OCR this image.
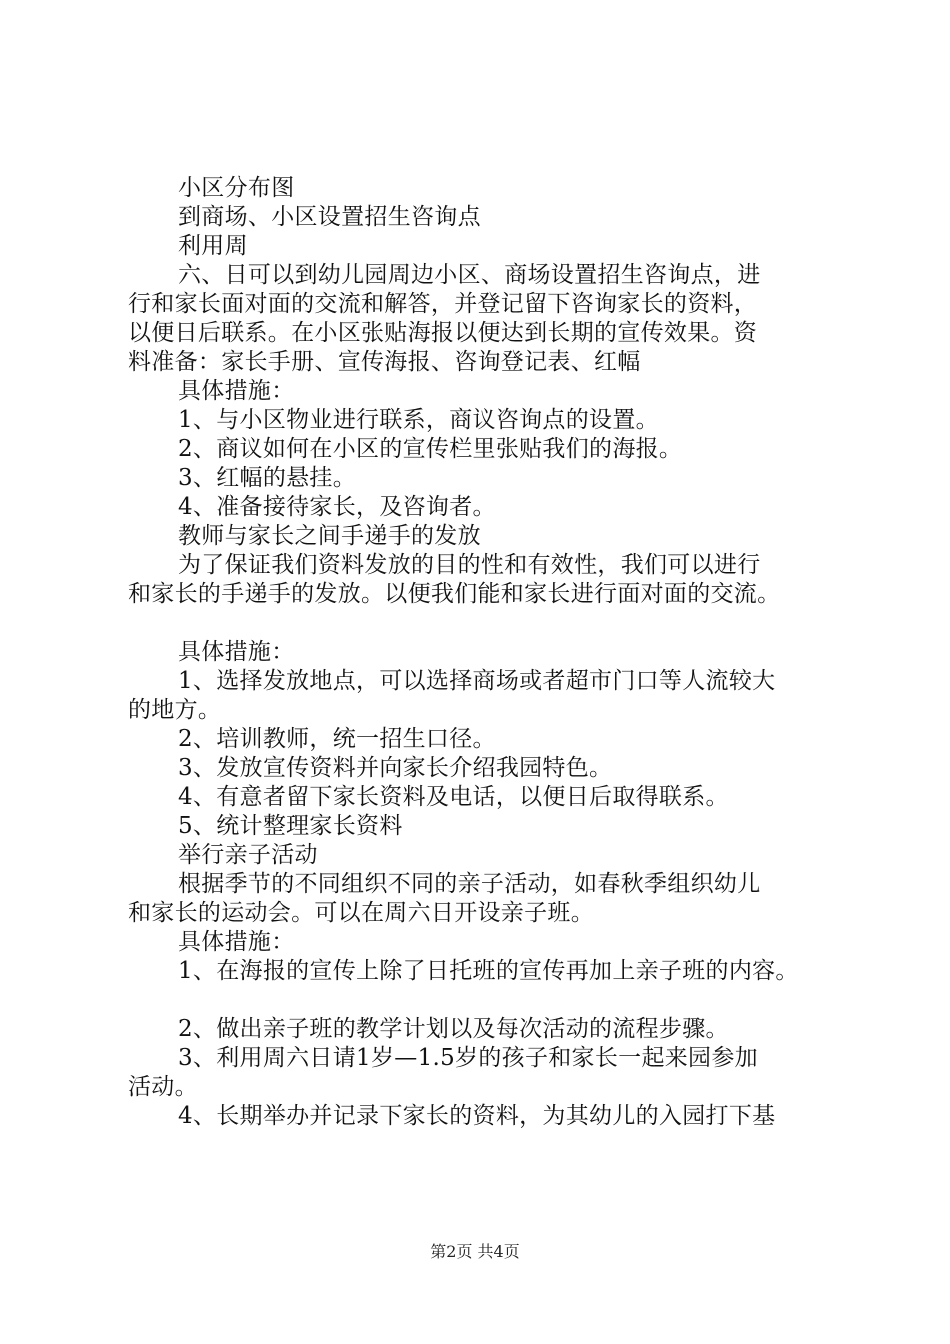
小区分布图
到商场、小区设置招生咨询点
利用周
六、日可以到幼儿园周边小区、商场设置招生咨询点，进
行和家长面对面的交流和解答，并登记留下咨询家长的资料，
以便日后联系。在小区张贴海报以便达到长期的宣传效果。资
料准备：家长手册、宣传海报、咨询登记表、红幅
具体措施：
1、与小区物业进行联系，商议咨询点的设置。
2、商议如何在小区的宣传栏里张贴我们的海报。
3、红幅的悬挂。
4、准备接待家长，及咨询者。
教师与家长之间手递手的发放
为了保证我们资料发放的目的性和有效性，我们可以进行
和家长的手递手的发放。以便我们能和家长进行面对面的交流。
具体措施：
1、选择发放地点，可以选择商场或者超市门口等人流较大
的地方。
2、培训教师，统一招生口径。
3、发放宣传资料并向家长介绍我园特色。
4、有意者留下家长资料及电话，以便日后取得联系。
5、统计整理家长资料
举行亲子活动
根据季节的不同组织不同的亲子活动，如春秋季组织幼儿
和家长的运动会。可以在周六日开设亲子班。
具体措施：
1、在海报的宣传上除了日托班的宣传再加上亲子班的内容。
2、做出亲子班的教学计划以及每次活动的流程步骤。
3、利用周六日请1岁—1.5岁的孩子和家长一起来园参加
活动。
4、长期举办并记录下家长的资料，为其幼儿的入园打下基
第2页 共4页
